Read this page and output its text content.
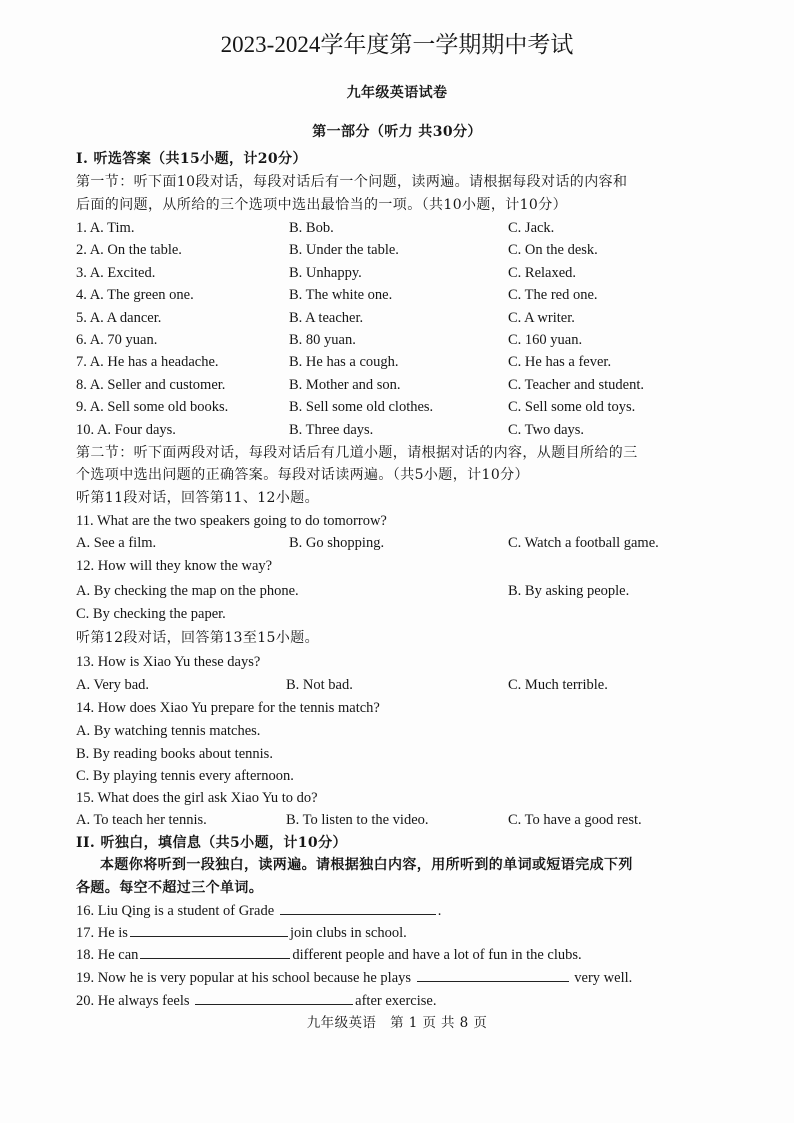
2023-2024学年度第一学期期中考试
九年级英语试卷
第一部分（听力 共30分）
I. 听选答案（共15小题，计20分）
第一节：听下面10段对话，每段对话后有一个问题，读两遍。请根据每段对话的内容和
后面的问题，从所给的三个选项中选出最恰当的一项。（共10小题，计10分）
1. A. Tim.	B. Bob.	C. Jack.
2. A. On the table.	B. Under the table.	C. On the desk.
3. A. Excited.	B. Unhappy.	C. Relaxed.
4. A. The green one.	B. The white one.	C. The red one.
5. A. A dancer.	B. A teacher.	C. A writer.
6. A. 70 yuan.	B. 80 yuan.	C. 160 yuan.
7. A. He has a headache.	B. He has a cough.	C. He has a fever.
8. A. Seller and customer.	B. Mother and son.	C. Teacher and student.
9. A. Sell some old books.	B. Sell some old clothes.	C. Sell some old toys.
10. A. Four days.	B. Three days.	C. Two days.
第二节：听下面两段对话，每段对话后有几道小题，请根据对话的内容，从题目所给的三
个选项中选出问题的正确答案。每段对话读两遍。（共5小题，计10分）
听第11段对话，回答第11、12小题。
11. What are the two speakers going to do tomorrow?
A. See a film.	B. Go shopping.	C. Watch a football game.
12. How will they know the way?
A. By checking the map on the phone.	B. By asking people.
C. By checking the paper.
听第12段对话，回答第13至15小题。
13. How is Xiao Yu these days?
A. Very bad.	B. Not bad.	C. Much terrible.
14. How does Xiao Yu prepare for the tennis match?
A. By watching tennis matches.
B. By reading books about tennis.
C. By playing tennis every afternoon.
15. What does the girl ask Xiao Yu to do?
A. To teach her tennis.	B. To listen to the video.	C. To have a good rest.
II. 听独白，填信息（共5小题，计10分）
本题你将听到一段独白，读两遍。请根据独白内容，用所听到的单词或短语完成下列
各题。每空不超过三个单词。
16. Liu Qing is a student of Grade	.
17. He is	join clubs in school.
18. He can	different people and have a lot of fun in the clubs.
19. Now he is very popular at his school because he plays	very well.
20. He always feels	after exercise.
九年级英语　第 1 页 共 8 页
